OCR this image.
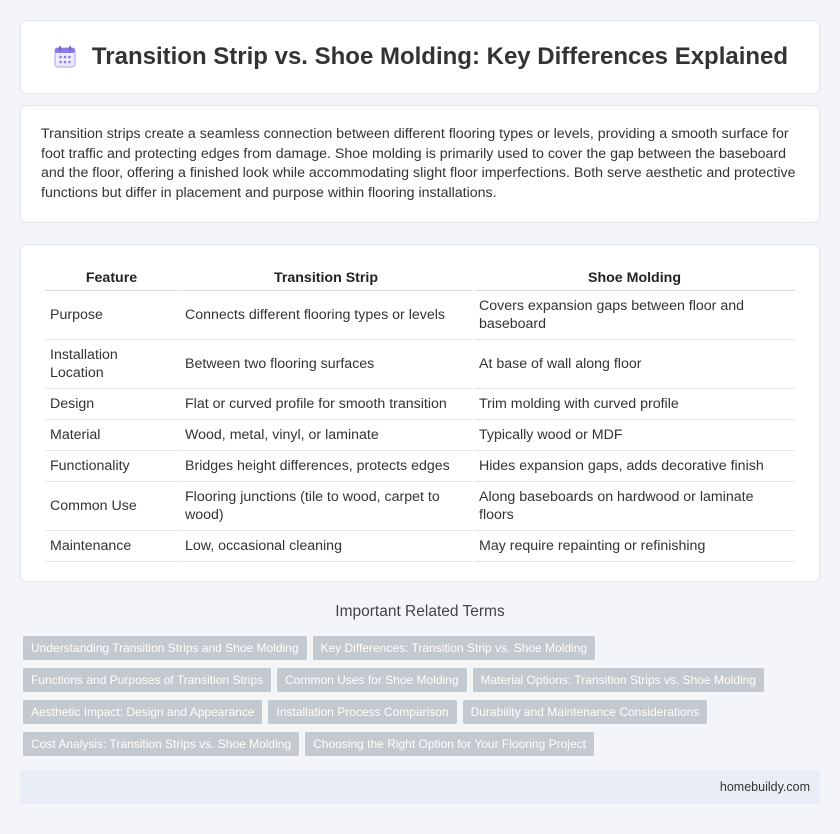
Transition Strip vs. Shoe Molding: Key Differences Explained

Transition strips create a seamless connection between different flooring types or levels, providing a smooth surface for foot traffic and protecting edges from damage. Shoe molding is primarily used to cover the gap between the baseboard and the floor, offering a finished look while accommodating slight floor imperfections. Both serve aesthetic and protective functions but differ in placement and purpose within flooring installations.

Feature	Transition Strip	Shoe Molding
Purpose	Connects different flooring types or levels	Covers expansion gaps between floor and baseboard
Installation Location	Between two flooring surfaces	At base of wall along floor
Design	Flat or curved profile for smooth transition	Trim molding with curved profile
Material	Wood, metal, vinyl, or laminate	Typically wood or MDF
Functionality	Bridges height differences, protects edges	Hides expansion gaps, adds decorative finish
Common Use	Flooring junctions (tile to wood, carpet to wood)	Along baseboards on hardwood or laminate floors
Maintenance	Low, occasional cleaning	May require repainting or refinishing
Important Related Terms
Understanding Transition Strips and Shoe Molding	Key Differences: Transition Strip vs. Shoe Molding
Functions and Purposes of Transition Strips	Common Uses for Shoe Molding	Material Options: Transition Strips vs. Shoe Molding
Aesthetic Impact: Design and Appearance	Installation Process Comparison	Durability and Maintenance Considerations
Cost Analysis: Transition Strips vs. Shoe Molding	Choosing the Right Option for Your Flooring Project
homebuildy.com
